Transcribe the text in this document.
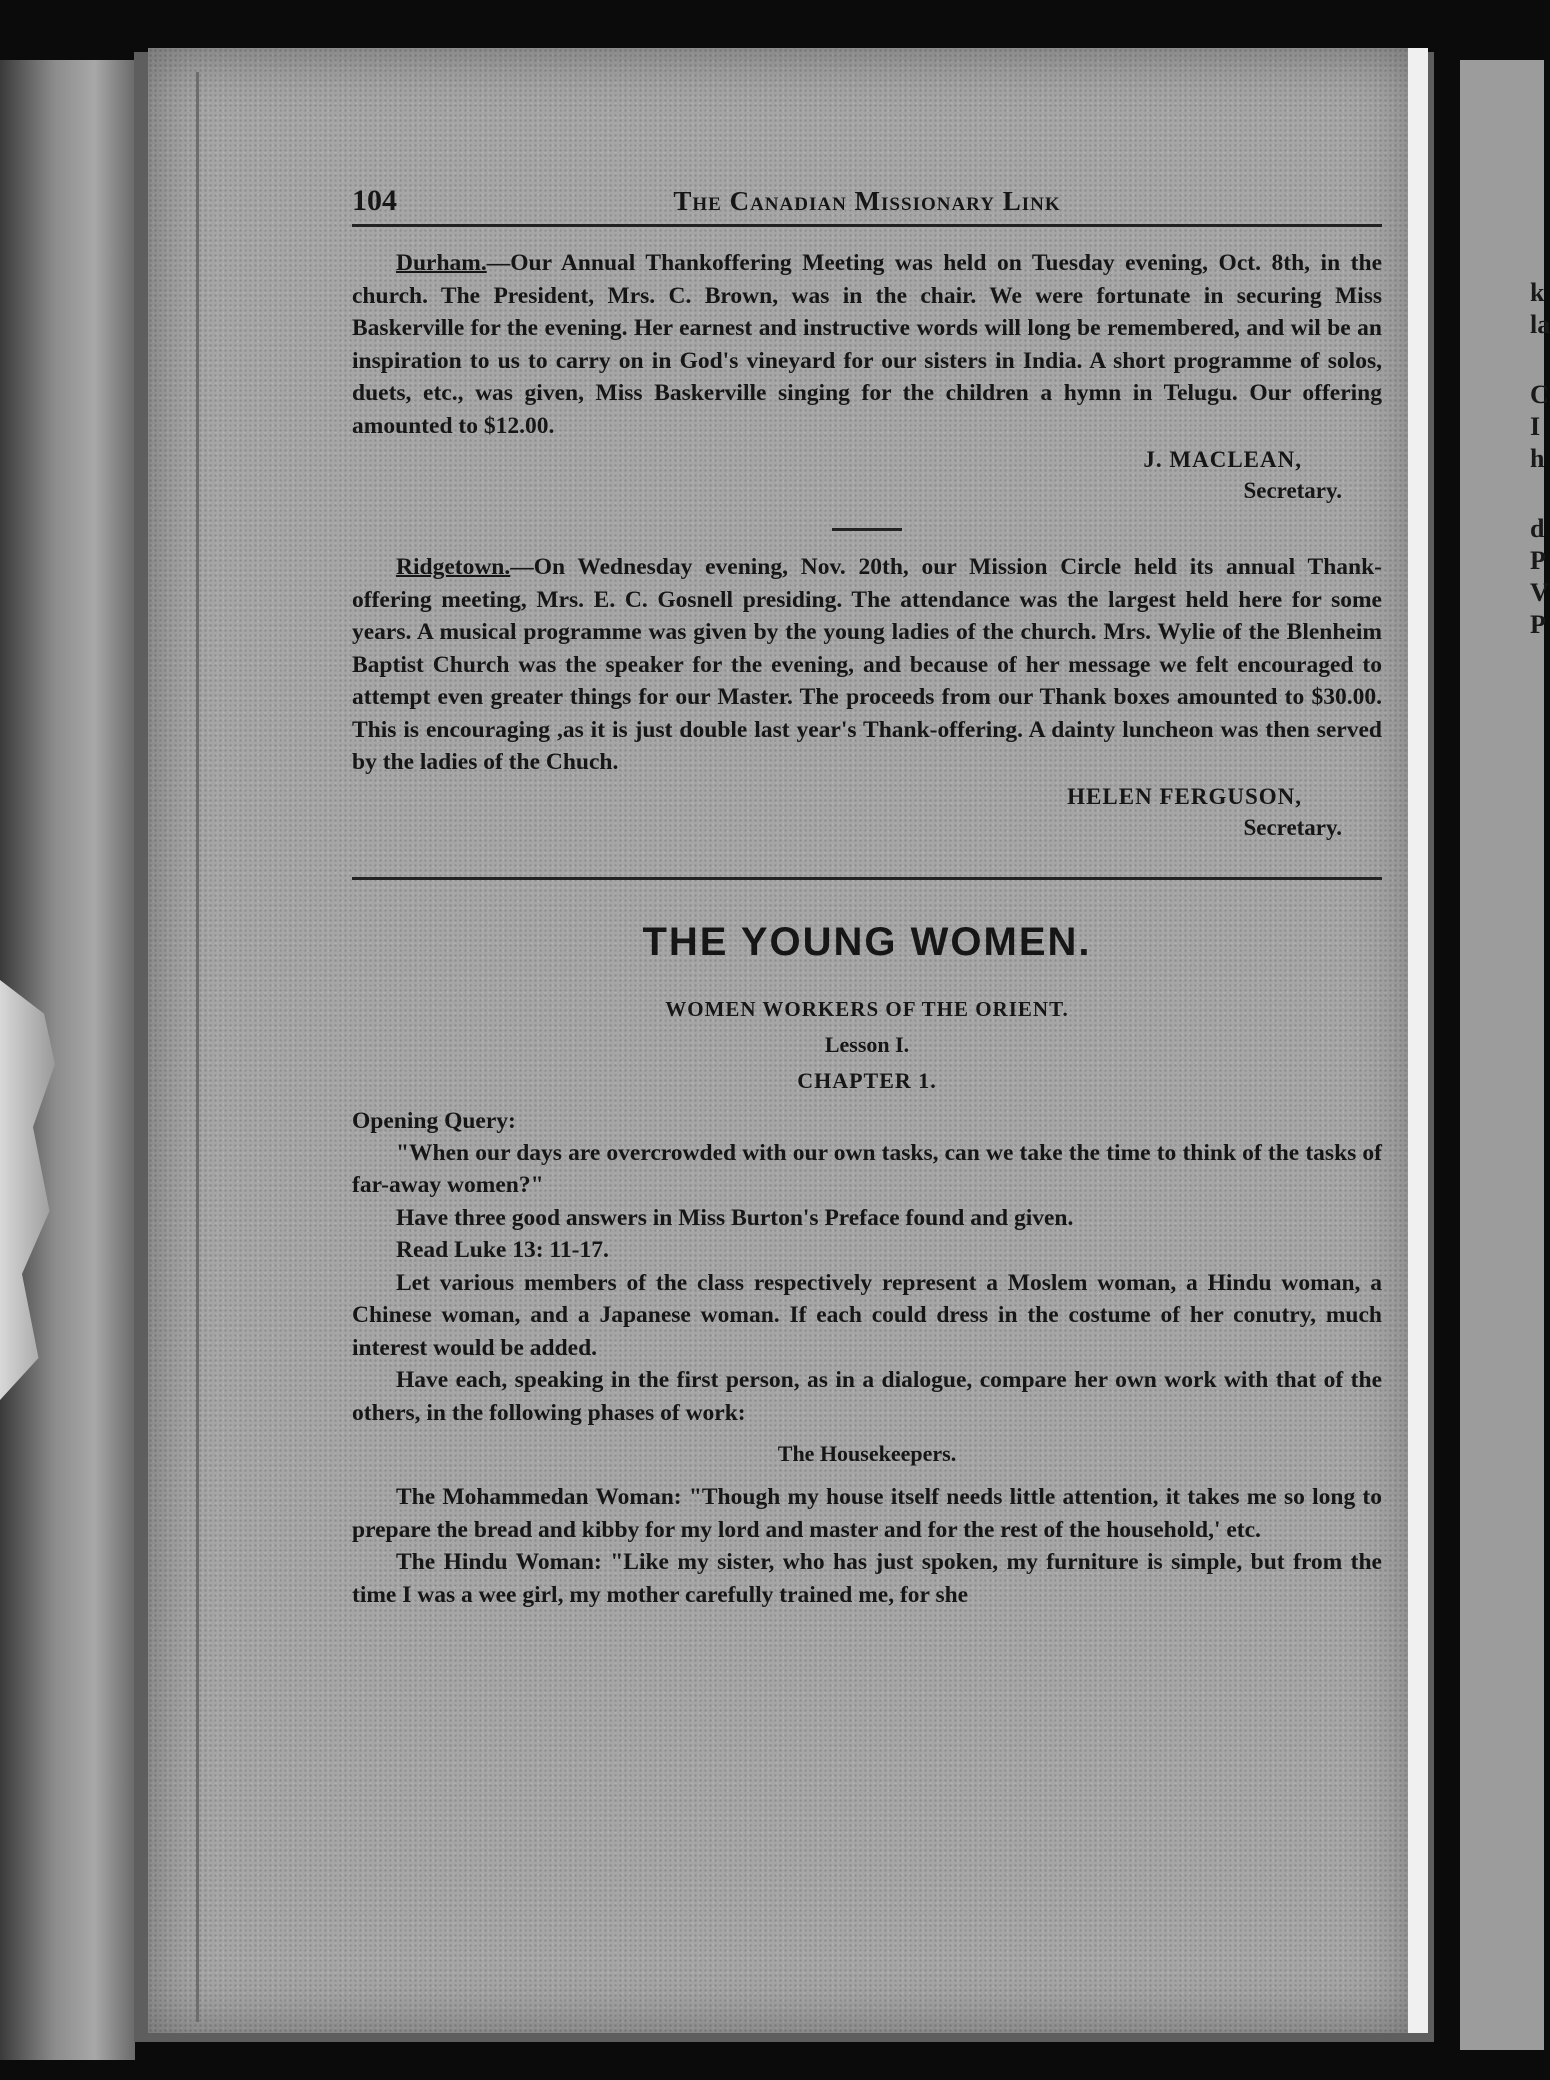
k
la
C
I
h
d
P
V
P
104	The Canadian Missionary Link

Durham.—Our Annual Thankoffering Meeting was held on Tuesday evening, Oct. 8th, in the church. The President, Mrs. C. Brown, was in the chair. We were fortunate in securing Miss Baskerville for the evening. Her earnest and instructive words will long be remembered, and wil be an inspiration to us to carry on in God's vineyard for our sisters in India. A short programme of solos, duets, etc., was given, Miss Baskerville singing for the children a hymn in Telugu. Our offering amounted to $12.00.

J. MACLEAN,
Secretary.

Ridgetown.—On Wednesday evening, Nov. 20th, our Mission Circle held its annual Thank-offering meeting, Mrs. E. C. Gosnell presiding. The attendance was the largest held here for some years. A musical programme was given by the young ladies of the church. Mrs. Wylie of the Blenheim Baptist Church was the speaker for the evening, and because of her message we felt encouraged to attempt even greater things for our Master. The proceeds from our Thank boxes amounted to $30.00. This is encouraging ,as it is just double last year's Thank-offering. A dainty luncheon was then served by the ladies of the Chuch.

HELEN FERGUSON,
Secretary.
THE YOUNG WOMEN.
WOMEN WORKERS OF THE ORIENT.
Lesson I.
CHAPTER 1.

Opening Query:

"When our days are overcrowded with our own tasks, can we take the time to think of the tasks of far-away women?"

Have three good answers in Miss Burton's Preface found and given.

Read Luke 13: 11-17.

Let various members of the class respectively represent a Moslem woman, a Hindu woman, a Chinese woman, and a Japanese woman. If each could dress in the costume of her conutry, much interest would be added.

Have each, speaking in the first person, as in a dialogue, compare her own work with that of the others, in the following phases of work:

The Housekeepers.

The Mohammedan Woman: "Though my house itself needs little attention, it takes me so long to prepare the bread and kibby for my lord and master and for the rest of the household,' etc.

The Hindu Woman: "Like my sister, who has just spoken, my furniture is simple, but from the time I was a wee girl, my mother carefully trained me, for she
